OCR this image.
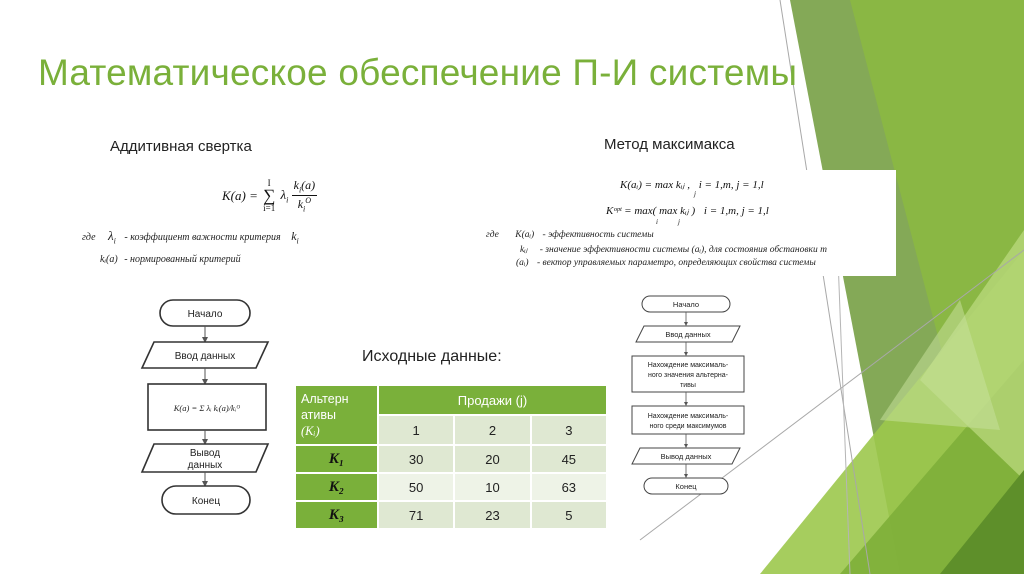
Математическое обеспечение П-И системы
Аддитивная свертка
K(a) =
I
∑
i=1
$\lambda_i \frac{k_i(a)}{k_i^O}$
где $\lambda_i$ - коэффициент важности критерия $k_i$
kᵢ(a) - нормированный критерий
Метод максимакса
K(aᵢ) = max kᵢⱼ , i = 1,m, j = 1,l
j
Kᵒᵖᵗ = max( max kᵢⱼ ) i = 1,m, j = 1,l
i	j
где K(aᵢ) - эффективность системы
kᵢⱼ - значение эффективности системы (aᵢ), для состояния обстановки m
(aᵢ) - вектор управляемых параметро, определяющих свойства системы
Начало
Ввод данных
K(a) = Σ λᵢ kᵢ(a)/kᵢᴼ
Вывод
данных
Конец
Начало
Ввод данных
Нахождение максималь-
ного значения альтерна-
тивы
Нахождение максималь-
ного среди максимумов
Вывод данных
Конец
Исходные данные:
Альтерн
ативы
(Kᵢ)	Продажи (j)		
	1	2	3
K₁	30	20	45
K₂	50	10	63
K₃	71	23	5
